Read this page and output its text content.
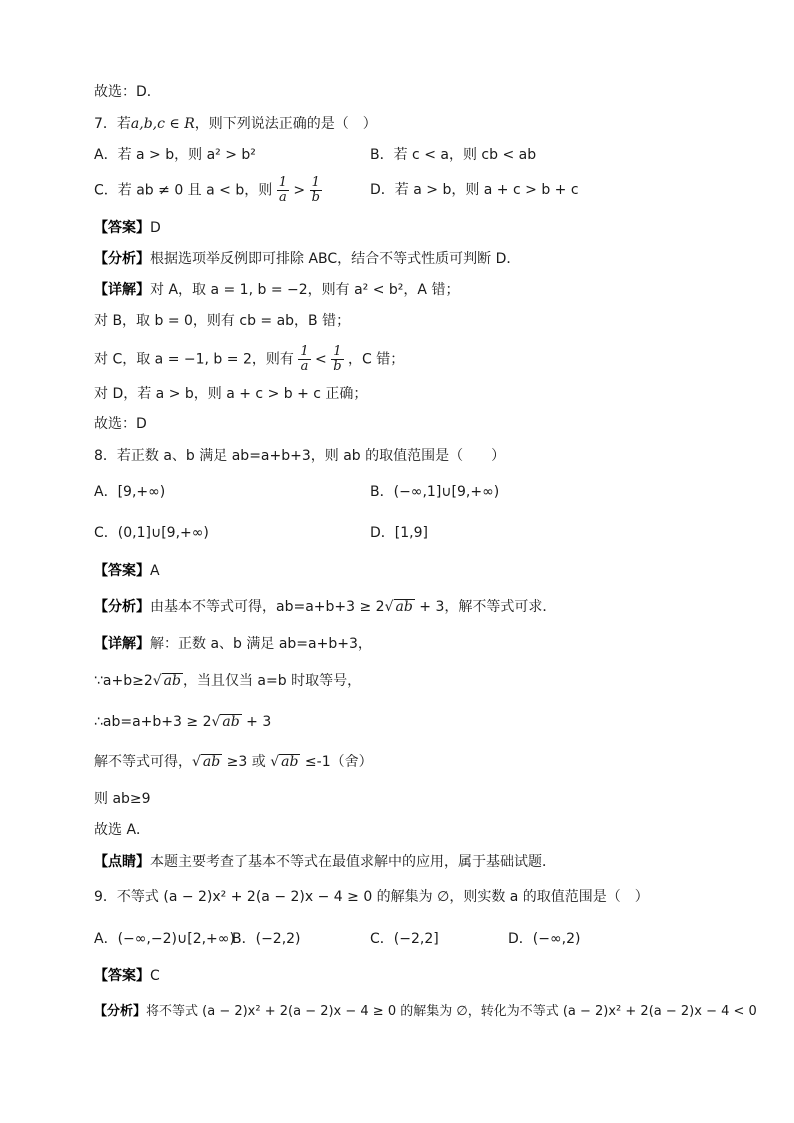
故选：D．
7．若a,b,c ∈ R，则下列说法正确的是（　）
A．若 a > b，则 a² > b²	B．若 c < a，则 cb < ab
C．若 ab ≠ 0 且 a < b，则 $\frac{1}{a} > \frac{1}{b}$	D．若 a > b，则 a + c > b + c
【答案】D
【分析】根据选项举反例即可排除 ABC，结合不等式性质可判断 D．
【详解】对 A，取 a = 1, b = −2，则有 a² < b²，A 错；
对 B，取 b = 0，则有 cb = ab，B 错；
对 C，取 a = −1, b = 2，则有 $\frac{1}{a} < \frac{1}{b}$ ，C 错；
对 D，若 a > b，则 a + c > b + c 正确；
故选：D
8．若正数 a、b 满足 ab=a+b+3，则 ab 的取值范围是（　　）
A．[9,+∞)	B．(−∞,1]∪[9,+∞)
C．(0,1]∪[9,+∞)	D．[1,9]
【答案】A
【分析】由基本不等式可得，ab=a+b+3 ≥ 2√ ab + 3，解不等式可求．
【详解】解：正数 a、b 满足 ab=a+b+3，
∵a+b≥2√ ab ，当且仅当 a=b 时取等号，
∴ab=a+b+3 ≥ 2√ ab + 3
解不等式可得，√ ab ≥3 或 √ ab ≤-1（舍）
则 ab≥9
故选 A．
【点睛】本题主要考查了基本不等式在最值求解中的应用，属于基础试题．
9．不等式 (a − 2)x² + 2(a − 2)x − 4 ≥ 0 的解集为 ∅，则实数 a 的取值范围是（　）
A．(−∞,−2)∪[2,+∞)
B．(−2,2)	C．(−2,2]	D．(−∞,2)
【答案】C
【分析】将不等式 (a − 2)x² + 2(a − 2)x − 4 ≥ 0 的解集为 ∅，转化为不等式 (a − 2)x² + 2(a − 2)x − 4 < 0
